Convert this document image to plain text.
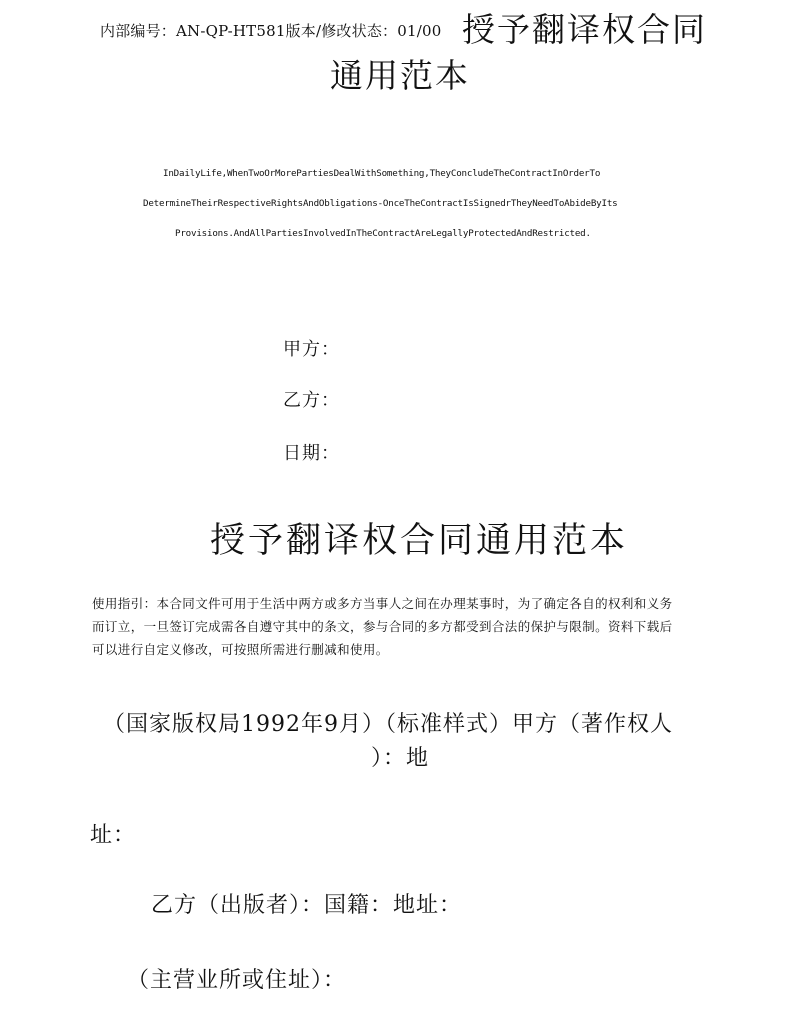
内部编号：AN-QP-HT581版本/修改状态：01/00 授予翻译权合同

通用范本

InDailyLife,WhenTwoOrMorePartiesDealWithSomething,TheyConcludeTheContractInOrderTo

DetermineTheirRespectiveRightsAndObligations-OnceTheContractIsSignedrTheyNeedToAbideByIts

Provisions.AndAllPartiesInvolvedInTheContractAreLegallyProtectedAndRestricted.

甲方：

乙方：

日期：

授予翻译权合同通用范本

使用指引：本合同文件可用于生活中两方或多方当事人之间在办理某事时，为了确定各自的权利和义务

而订立，一旦签订完成需各自遵守其中的条文，参与合同的多方都受到合法的保护与限制。资料下载后

可以进行自定义修改，可按照所需进行删减和使用。

（国家版权局1992年9月）（标准样式）甲方（著作权人

）：地

址：

乙方（出版者）：国籍：地址：

（主营业所或住址）：
